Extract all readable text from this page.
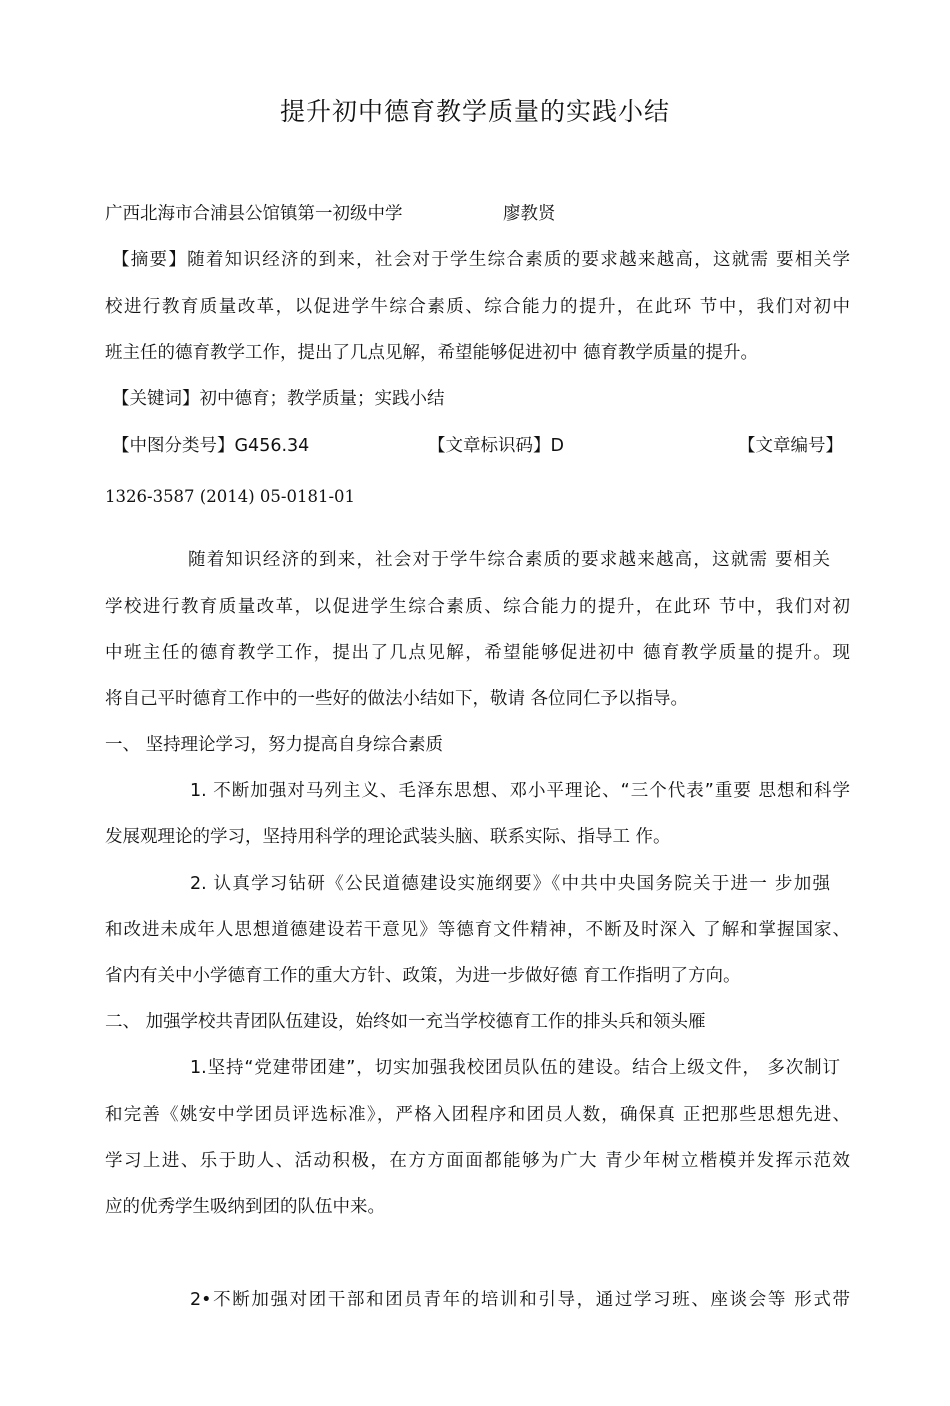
提升初中德育教学质量的实践小结
广西北海市合浦县公馆镇第一初级中学	廖教贤
【摘要】随着知识经济的到来，社会对于学生综合素质的要求越来越高，这就需 要相关学
校进行教育质量改革，以促进学牛综合素质、综合能力的提升，在此环 节中，我们对初中
班主任的德育教学工作，提出了几点见解，希望能够促进初中 德育教学质量的提升。
【关键词】初中德育；教学质量；实践小结
【中图分类号】G456.34	【文章标识码】D	【文章编号】
1326-3587 (2014) 05-0181-01
随着知识经济的到来，社会对于学牛综合素质的要求越来越高，这就需 要相关
学校进行教育质量改革，以促进学生综合素质、综合能力的提升，在此环 节中，我们对初
中班主任的德育教学工作，提出了几点见解，希望能够促进初中 德育教学质量的提升。现
将自己平时德育工作中的一些好的做法小结如下，敬请 各位同仁予以指导。
一、 坚持理论学习，努力提高自身综合素质
1. 不断加强对马列主义、毛泽东思想、邓小平理论、“三个代表”重要 思想和科学
发展观理论的学习，坚持用科学的理论武装头脑、联系实际、指导工 作。
2. 认真学习钻研《公民道德建设实施纲要》《中共中央国务院关于进一 步加强
和改进未成年人思想道德建设若干意见》等德育文件精神，不断及时深入 了解和掌握国家、
省内有关中小学德育工作的重大方针、政策，为进一步做好德 育工作指明了方向。
二、 加强学校共青团队伍建设，始终如一充当学校德育工作的排头兵和领头雁
1.坚持“党建带团建”，切实加强我校团员队伍的建设。结合上级文件， 多次制订
和完善《姚安中学团员评选标准》，严格入团程序和团员人数，确保真 正把那些思想先进、
学习上进、乐于助人、活动积极，在方方面面都能够为广大 青少年树立楷模并发挥示范效
应的优秀学生吸纳到团的队伍中来。
2•不断加强对团干部和团员青年的培训和引导，通过学习班、座谈会等 形式带
